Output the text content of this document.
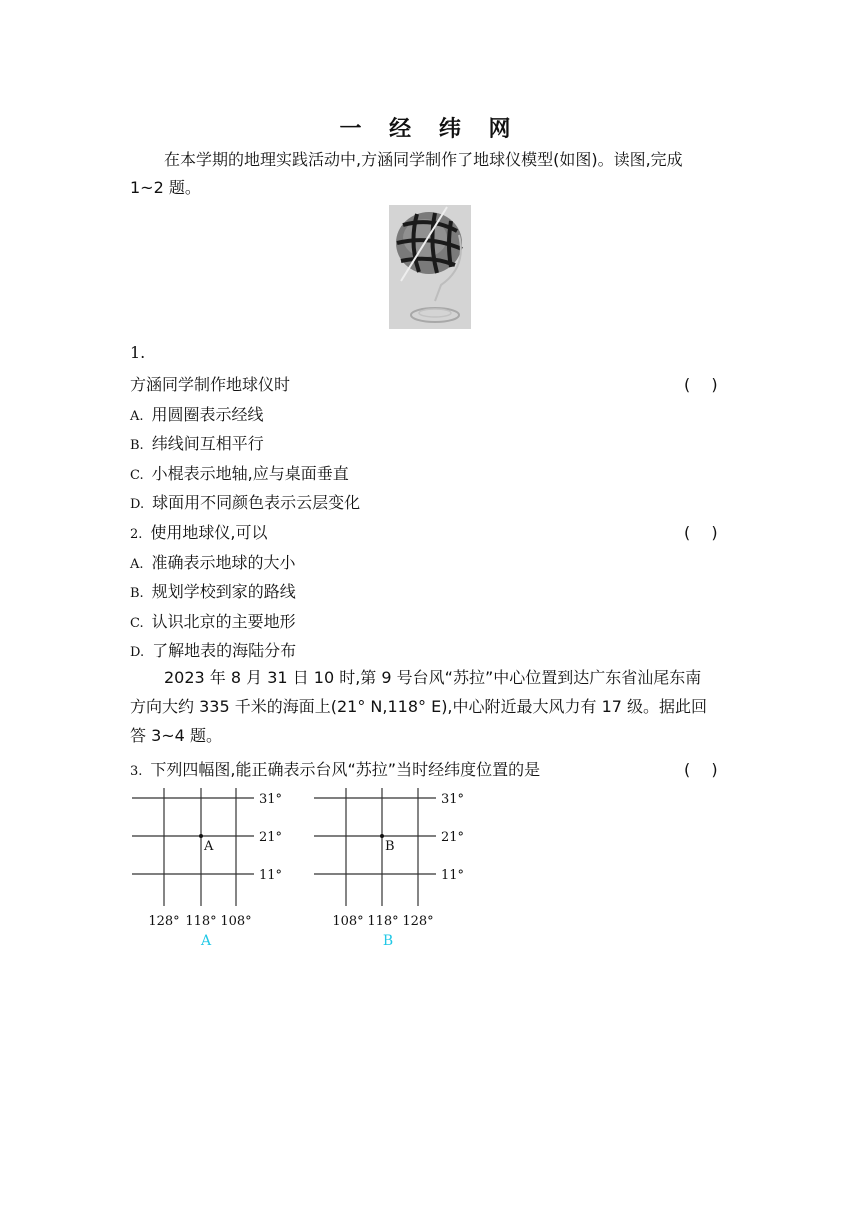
一 经 纬 网
在本学期的地理实践活动中,方涵同学制作了地球仪模型(如图)。读图,完成
1~2 题。
1.
方涵同学制作地球仪时	(　 )
A. 用圆圈表示经线
B. 纬线间互相平行
C. 小棍表示地轴,应与桌面垂直
D. 球面用不同颜色表示云层变化
2. 使用地球仪,可以	(　 )
A. 准确表示地球的大小
B. 规划学校到家的路线
C. 认识北京的主要地形
D. 了解地表的海陆分布
2023 年 8 月 31 日 10 时,第 9 号台风“苏拉”中心位置到达广东省汕尾东南
方向大约 335 千米的海面上(21° N,118° E),中心附近最大风力有 17 级。据此回
答 3~4 题。
3. 下列四幅图,能正确表示台风“苏拉”当时经纬度位置的是	(　 )
A
31°
21°
11°
128° 118° 108°
A
B
31°
21°
11°
108° 118° 128°
B
